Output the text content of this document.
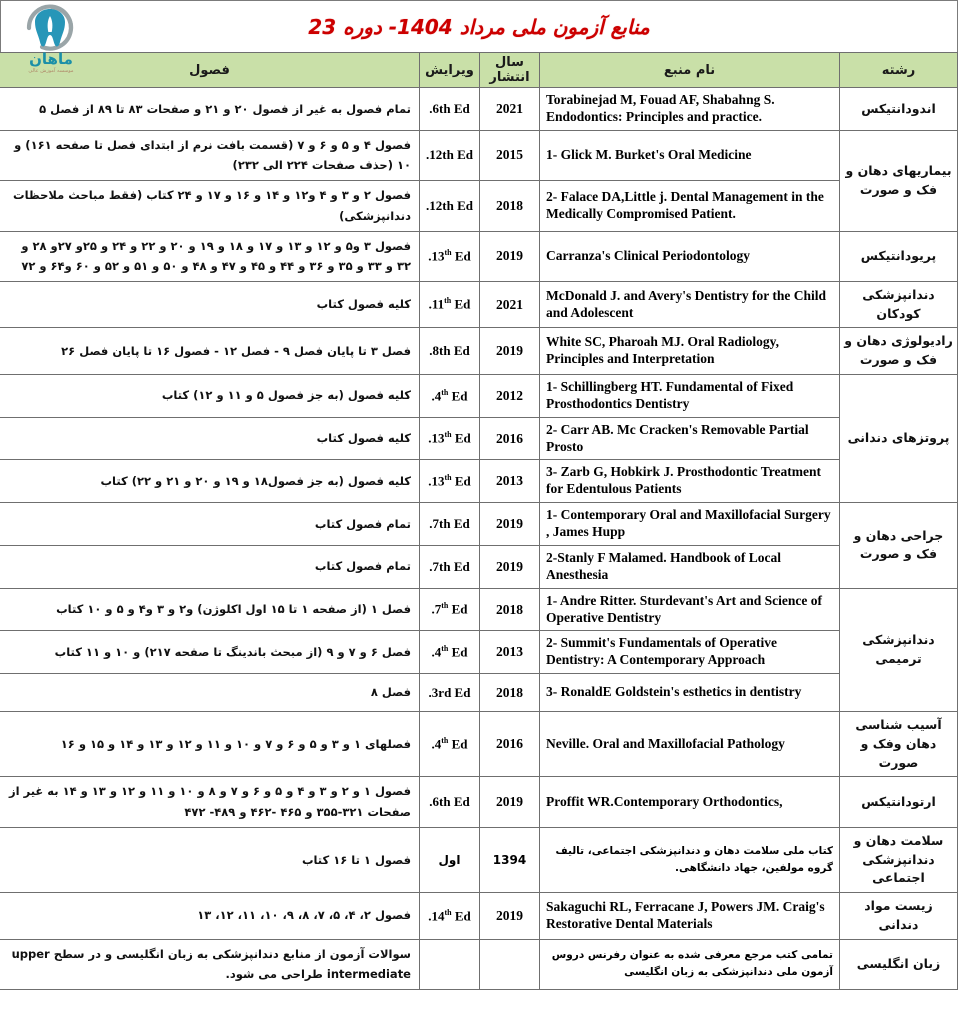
منابع آزمون ملی مرداد 1404- دوره 23
ماهان
موسسه آموزش عالی	رشته	نام منبع	سال انتشار	ویرایش	فصول
اندودانتیکس	Torabinejad M, Fouad AF, Shabahng S. Endodontics: Principles and practice.	2021	6th Ed.	تمام فصول به غیر از فصول ۲۰ و ۲۱ و صفحات ۸۳ تا ۸۹ از فصل ۵
بیماریهای دهان و فک و صورت	1- Glick M. Burket's Oral Medicine	2015	12th Ed.	فصول ۴ و ۵ و ۶ و ۷ (قسمت بافت نرم از ابتدای فصل تا صفحه ۱۶۱) و ۱۰ (حذف صفحات ۲۲۴ الی ۲۳۲)
	2- Falace DA,Little j. Dental Management in the Medically Compromised Patient.	2018	12th Ed.	فصول ۲ و ۳ و ۴ و۱۲ و ۱۴ و ۱۶ و ۱۷ و ۲۴ کتاب (فقط مباحث ملاحظات دندانپزشکی)
پریودانتیکس	Carranza's Clinical Periodontology	2019	13th Ed.	فصول ۳ و۵ و ۱۲ و ۱۳ و ۱۷ و ۱۸ و ۱۹ و ۲۰ و ۲۲ و ۲۴ و ۲۵و ۲۷و ۲۸ و ۳۲ و ۳۳ و ۳۵ و ۳۶ و ۴۴ و ۴۵ و ۴۷ و ۴۸ و ۵۰ و ۵۱ و ۵۲ و ۶۰ و۶۴ و ۷۲
دندانپزشکی کودکان	McDonald J. and Avery's Dentistry for the Child and Adolescent	2021	11th Ed.	کلیه فصول کتاب
رادیولوژی دهان و فک و صورت	White SC, Pharoah MJ. Oral Radiology, Principles and Interpretation	2019	8th Ed.	فصل ۳ تا پایان فصل ۹ - فصل ۱۲ - فصول ۱۶ تا پایان فصل ۲۶
پروتزهای دندانی	1- Schillingberg HT. Fundamental of Fixed Prosthodontics Dentistry	2012	4th Ed.	کلیه فصول (به جز فصول ۵ و ۱۱ و ۱۲) کتاب
	2- Carr AB. Mc Cracken's Removable Partial Prosto	2016	13th Ed.	کلیه فصول کتاب
	3- Zarb G, Hobkirk J. Prosthodontic Treatment for Edentulous Patients	2013	13th Ed.	کلیه فصول (به جز فصول۱۸ و ۱۹ و ۲۰ و ۲۱ و ۲۲) کتاب
جراحی دهان و فک و صورت	1- Contemporary Oral and Maxillofacial Surgery , James Hupp	2019	7th Ed.	تمام فصول کتاب
	2-Stanly F Malamed. Handbook of Local Anesthesia	2019	7th Ed.	تمام فصول کتاب
دندانپزشکی ترمیمی	1- Andre Ritter. Sturdevant's Art and Science of Operative Dentistry	2018	7th Ed.	فصل ۱ (از صفحه ۱ تا ۱۵ اول اکلوژن) و۲ و ۳ و۴ و ۵ و ۱۰ کتاب
	2- Summit's Fundamentals of Operative Dentistry: A Contemporary Approach	2013	4th Ed.	فصل ۶ و ۷ و ۹ (از مبحث باندینگ تا صفحه ۲۱۷) و ۱۰ و ۱۱ کتاب
	3- RonaldE Goldstein's esthetics in dentistry	2018	3rd Ed.	فصل ۸
آسیب شناسی دهان وفک و صورت	Neville. Oral and Maxillofacial Pathology	2016	4th Ed.	فصلهای ۱ و ۳ و ۵ و ۶ و ۷ و ۱۰ و ۱۱ و ۱۲ و ۱۳ و ۱۴ و ۱۵ و ۱۶
ارتودانتیکس	Proffit WR.Contemporary Orthodontics,	2019	6th Ed.	فصول ۱ و ۲ و ۳ و ۴ و ۵ و ۶ و ۷ و ۸ و ۱۰ و ۱۱ و ۱۲ و ۱۳ و ۱۴ به غیر از صفحات ۳۲۱-۳۵۵ و ۴۶۵ -۴۶۲ و ۴۸۹- ۴۷۲
سلامت دهان و دندانپزشکی اجتماعی	کتاب ملی سلامت دهان و دندانپزشکی اجتماعی، تالیف گروه مولفین، جهاد دانشگاهی.	1394	اول	فصول ۱ تا ۱۶ کتاب
زیست مواد دندانی	Sakaguchi RL, Ferracane J, Powers JM. Craig's Restorative Dental Materials	2019	14th Ed.	فصول ۲، ۴، ۵، ۷، ۸، ۹، ۱۰، ۱۱، ۱۲، ۱۳
زبان انگلیسی	تمامی کتب مرجع معرفی شده به عنوان رفرنس دروس آزمون ملی دندانپزشکی به زبان انگلیسی			سوالات آزمون از منابع دندانپزشکی به زبان انگلیسی و در سطح upper intermediate طراحی می شود.
